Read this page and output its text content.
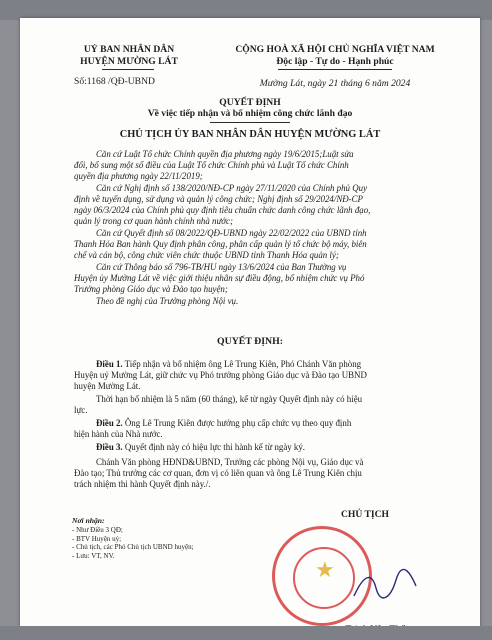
UỶ BAN NHÂN DÂN
HUYỆN MƯỜNG LÁT
Số:1168 /QĐ-UBND
CỘNG HOÀ XÃ HỘI CHỦ NGHĨA VIỆT NAM
Độc lập - Tự do - Hạnh phúc
Mường Lát, ngày 21 tháng 6 năm 2024
QUYẾT ĐỊNH
Về việc tiếp nhận và bổ nhiệm công chức lãnh đạo
CHỦ TỊCH ỦY BAN NHÂN DÂN HUYỆN MƯỜNG LÁT
Căn cứ Luật Tổ chức Chính quyền địa phương ngày 19/6/2015;Luật sửa
đổi, bổ sung một số điều của Luật Tổ chức Chính phủ và Luật Tổ chức Chính
quyền địa phương ngày 22/11/2019;
Căn cứ Nghị định số 138/2020/NĐ-CP ngày 27/11/2020 của Chính phủ Quy
định về tuyển dụng, sử dụng và quản lý công chức; Nghị định số 29/2024/NĐ-CP
ngày 06/3/2024 của Chính phủ quy định tiêu chuẩn chức danh công chức lãnh đạo,
quản lý trong cơ quan hành chính nhà nước;
Căn cứ Quyết định số 08/2022/QĐ-UBND ngày 22/02/2022 của UBND tỉnh
Thanh Hóa Ban hành Quy định phân công, phân cấp quản lý tổ chức bộ máy, biên
chế và cán bộ, công chức viên chức thuộc UBND tỉnh Thanh Hóa quản lý;
Căn cứ Thông báo số 796-TB/HU ngày 13/6/2024 của Ban Thường vụ
Huyện ủy Mường Lát về việc giới thiệu nhân sự điều động, bổ nhiệm chức vụ Phó
Trưởng phòng Giáo dục và Đào tạo huyện;
Theo đề nghị của Trưởng phòng Nội vụ.
QUYẾT ĐỊNH:
Điều 1. Tiếp nhận và bổ nhiệm ông Lê Trung Kiên, Phó Chánh Văn phòng
Huyện uỷ Mường Lát, giữ chức vụ Phó trưởng phòng Giáo dục và Đào tạo UBND
huyện Mường Lát.
Thời hạn bổ nhiệm là 5 năm (60 tháng), kể từ ngày Quyết định này có hiệu
lực.
Điều 2. Ông Lê Trung Kiên được hưởng phụ cấp chức vụ theo quy định
hiện hành của Nhà nước.
Điều 3. Quyết định này có hiệu lực thi hành kể từ ngày ký.
Chánh Văn phòng HĐND&UBND, Trưởng các phòng Nội vụ, Giáo dục và
Đào tạo; Thủ trưởng các cơ quan, đơn vị có liên quan và ông Lê Trung Kiên chịu
trách nhiệm thi hành Quyết định này./.
Nơi nhận:
- Như Điều 3 QĐ;
- BTV Huyện uỷ;
- Chủ tịch, các Phó Chủ tịch UBND huyện;
- Lưu: VT, NV.
★
CHỦ TỊCH
